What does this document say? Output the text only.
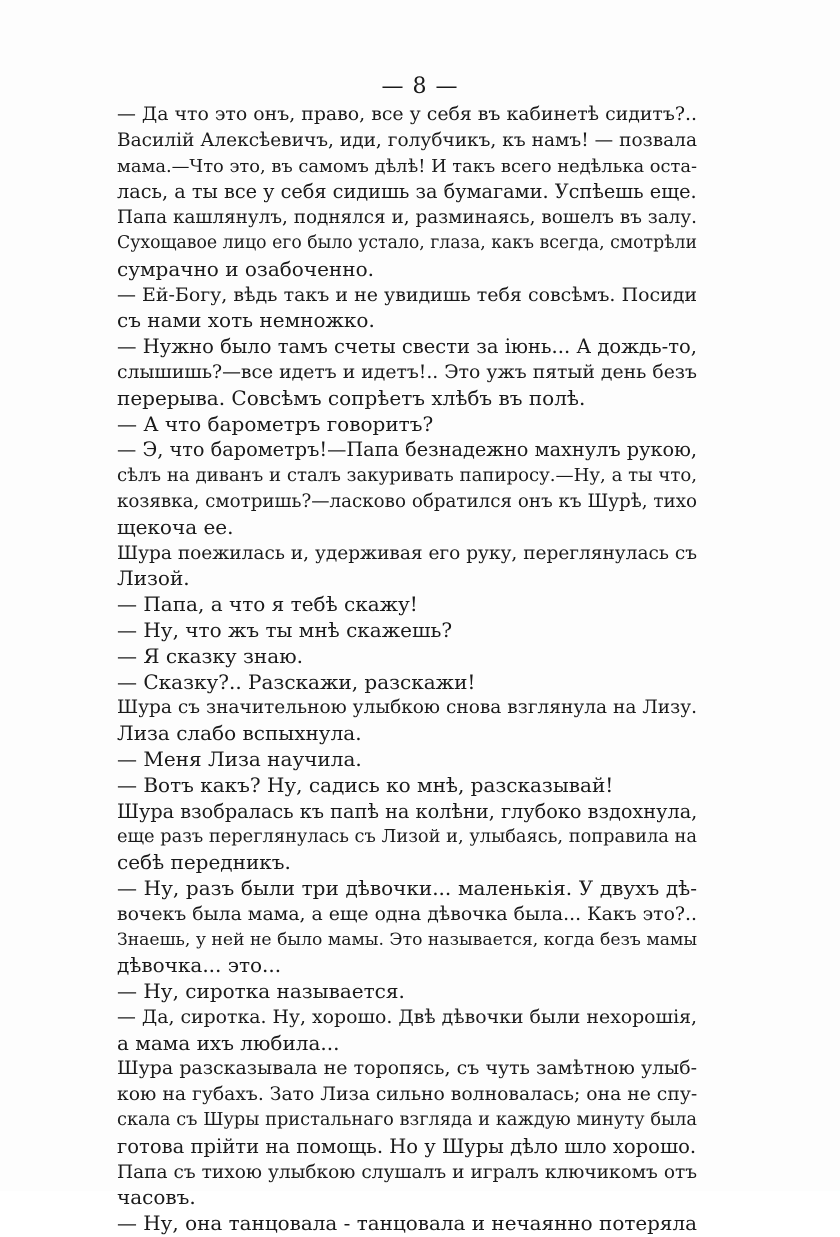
— 8 —
— Да что это онъ, право, все у себя въ кабинетѣ сидитъ?..
Василiй Алексѣевичъ, иди, голубчикъ, къ намъ! — позвала
мама.—Что это, въ самомъ дѣлѣ! И такъ всего недѣлька оста-
лась, а ты все у себя сидишь за бумагами. Успѣешь еще.
Папа кашлянулъ, поднялся и, разминаясь, вошелъ въ залу.
Сухощавое лицо его было устало, глаза, какъ всегда, смотрѣли
сумрачно и озабоченно.
— Ей-Богу, вѣдь такъ и не увидишь тебя совсѣмъ. Посиди
съ нами хоть немножко.
— Нужно было тамъ счеты свести за iюнь... А дождь-то,
слышишь?—все идетъ и идетъ!.. Это ужъ пятый день безъ
перерыва. Совсѣмъ сопрѣетъ хлѣбъ въ полѣ.
— А что барометръ говоритъ?
— Э, что барометръ!—Папа безнадежно махнулъ рукою,
сѣлъ на диванъ и сталъ закуривать папиросу.—Ну, а ты что,
козявка, смотришь?—ласково обратился онъ къ Шурѣ, тихо
щекоча ее.
Шура поежилась и, удерживая его руку, переглянулась съ
Лизой.
— Папа, а что я тебѣ скажу!
— Ну, что жъ ты мнѣ скажешь?
— Я сказку знаю.
— Сказку?.. Разскажи, разскажи!
Шура съ значительною улыбкою снова взглянула на Лизу.
Лиза слабо вспыхнула.
— Меня Лиза научила.
— Вотъ какъ? Ну, садись ко мнѣ, разсказывай!
Шура взобралась къ папѣ на колѣни, глубоко вздохнула,
еще разъ переглянулась съ Лизой и, улыбаясь, поправила на
себѣ передникъ.
— Ну, разъ были три дѣвочки... маленькiя. У двухъ дѣ-
вочекъ была мама, а еще одна дѣвочка была... Какъ это?..
Знаешь, у ней не было мамы. Это называется, когда безъ мамы
дѣвочка... это...
— Ну, сиротка называется.
— Да, сиротка. Ну, хорошо. Двѣ дѣвочки были нехорошiя,
а мама ихъ любила...
Шура разсказывала не торопясь, съ чуть замѣтною улыб-
кою на губахъ. Зато Лиза сильно волновалась; она не спу-
скала съ Шуры пристальнаго взгляда и каждую минуту была
готова прiйти на помощь. Но у Шуры дѣло шло хорошо.
Папа съ тихою улыбкою слушалъ и игралъ ключикомъ отъ
часовъ.
— Ну, она танцовала - танцовала и нечаянно потеряла
